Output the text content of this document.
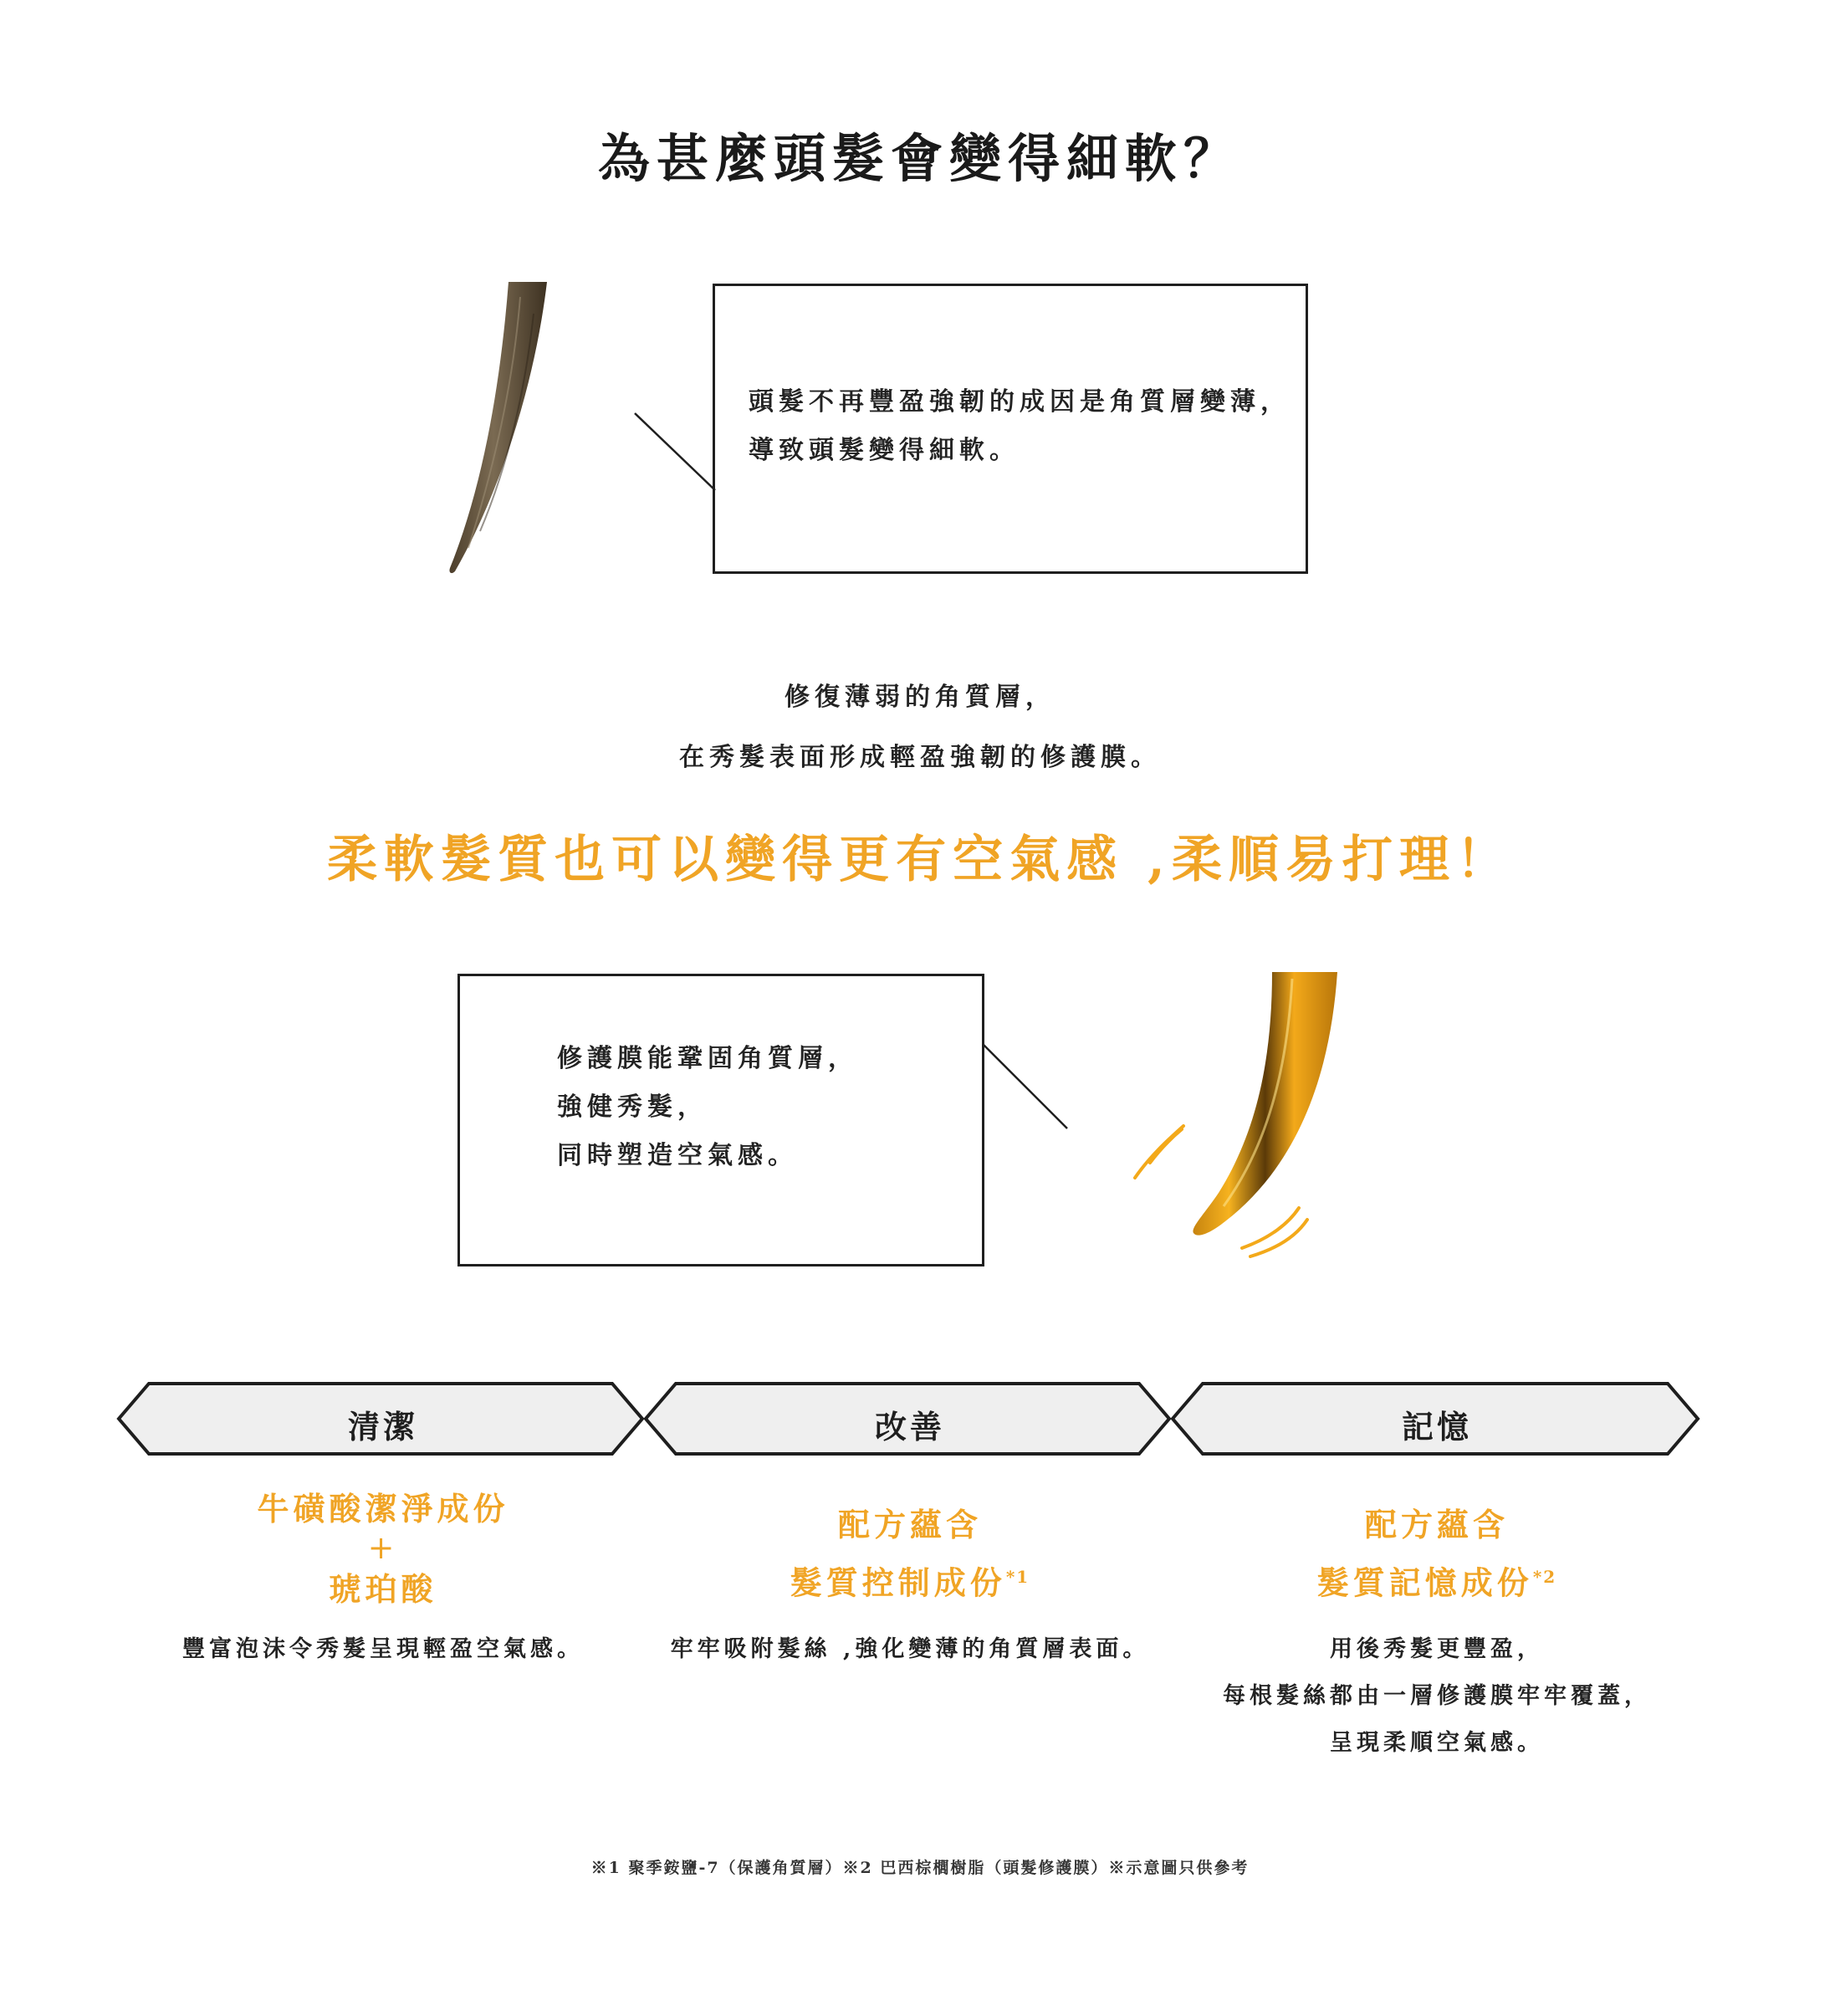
為甚麼頭髮會變得細軟？
頭髮不再豐盈強韌的成因是角質層變薄，
導致頭髮變得細軟。
修復薄弱的角質層，
在秀髮表面形成輕盈強韌的修護膜。
柔軟髮質也可以變得更有空氣感 ,柔順易打理！
修護膜能鞏固角質層，
強健秀髮，
同時塑造空氣感。
清潔	改善	記憶
牛磺酸潔淨成份
+
琥珀酸
豐富泡沫令秀髮呈現輕盈空氣感。
配方蘊含
髮質控制成份$^{*1}$
牢牢吸附髮絲 ,強化變薄的角質層表面。
配方蘊含
髮質記憶成份$^{*2}$
用後秀髮更豐盈，
每根髮絲都由一層修護膜牢牢覆蓋，
呈現柔順空氣感。
※1 聚季銨鹽-7（保護角質層）※2 巴西棕櫚樹脂（頭髮修護膜）※示意圖只供參考
